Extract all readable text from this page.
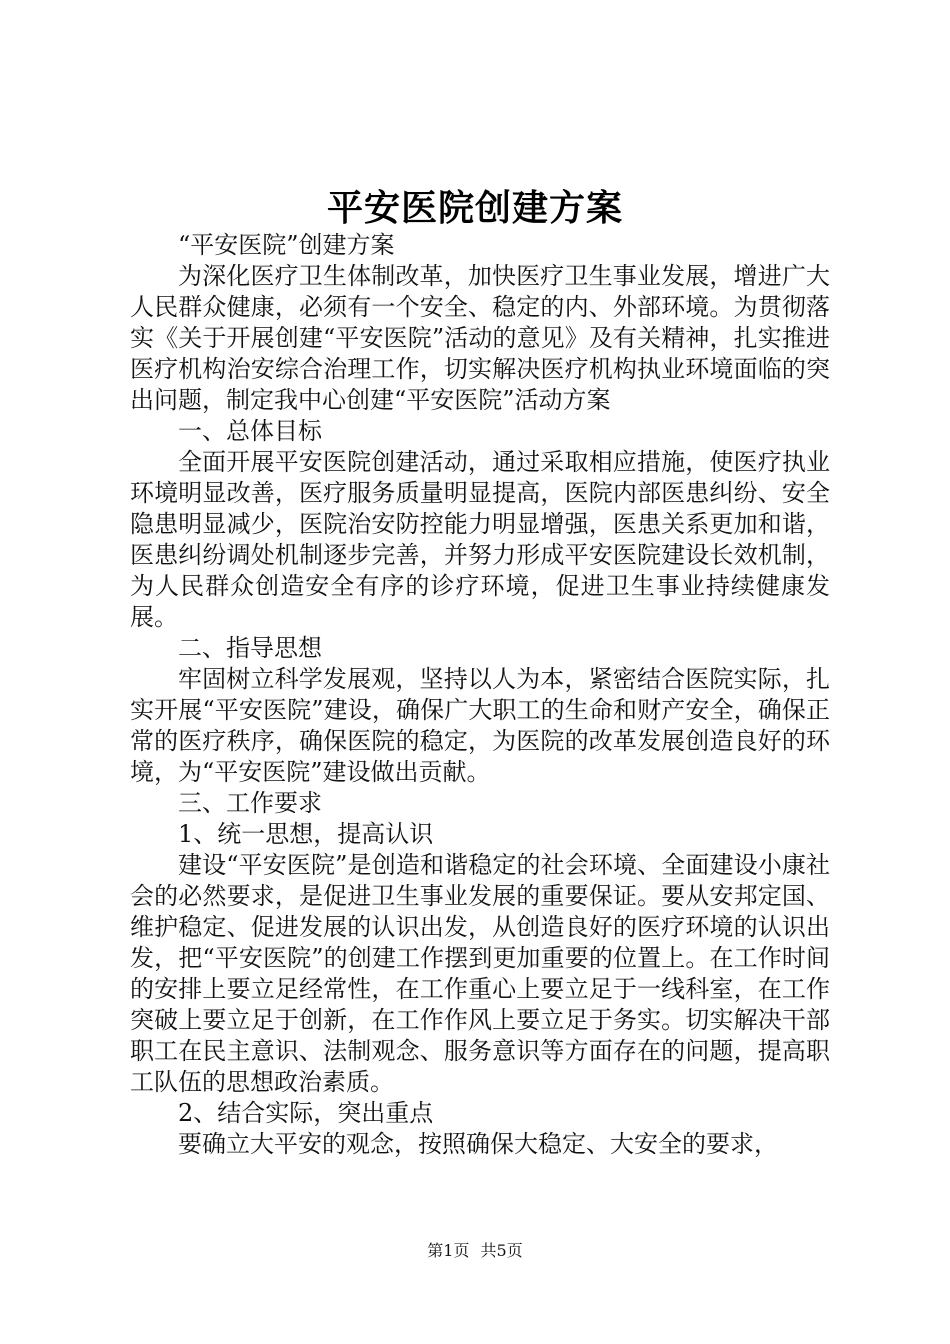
平安医院创建方案

“平安医院”创建方案

为深化医疗卫生体制改革，加快医疗卫生事业发展，增进广大人民群众健康，必须有一个安全、稳定的内、外部环境。为贯彻落实《关于开展创建“平安医院”活动的意见》及有关精神，扎实推进医疗机构治安综合治理工作，切实解决医疗机构执业环境面临的突出问题，制定我中心创建“平安医院”活动方案

一、总体目标

全面开展平安医院创建活动，通过采取相应措施，使医疗执业环境明显改善，医疗服务质量明显提高，医院内部医患纠纷、安全隐患明显减少，医院治安防控能力明显增强，医患关系更加和谐，医患纠纷调处机制逐步完善，并努力形成平安医院建设长效机制，为人民群众创造安全有序的诊疗环境，促进卫生事业持续健康发展。

二、指导思想

牢固树立科学发展观，坚持以人为本，紧密结合医院实际，扎实开展“平安医院”建设，确保广大职工的生命和财产安全，确保正常的医疗秩序，确保医院的稳定，为医院的改革发展创造良好的环境，为“平安医院”建设做出贡献。

三、工作要求

1、统一思想，提高认识

建设“平安医院”是创造和谐稳定的社会环境、全面建设小康社会的必然要求，是促进卫生事业发展的重要保证。要从安邦定国、维护稳定、促进发展的认识出发，从创造良好的医疗环境的认识出发，把“平安医院”的创建工作摆到更加重要的位置上。在工作时间的安排上要立足经常性，在工作重心上要立足于一线科室，在工作突破上要立足于创新，在工作作风上要立足于务实。切实解决干部职工在民主意识、法制观念、服务意识等方面存在的问题，提高职工队伍的思想政治素质。

2、结合实际，突出重点

要确立大平安的观念，按照确保大稳定、大安全的要求，

第1页 共5页
